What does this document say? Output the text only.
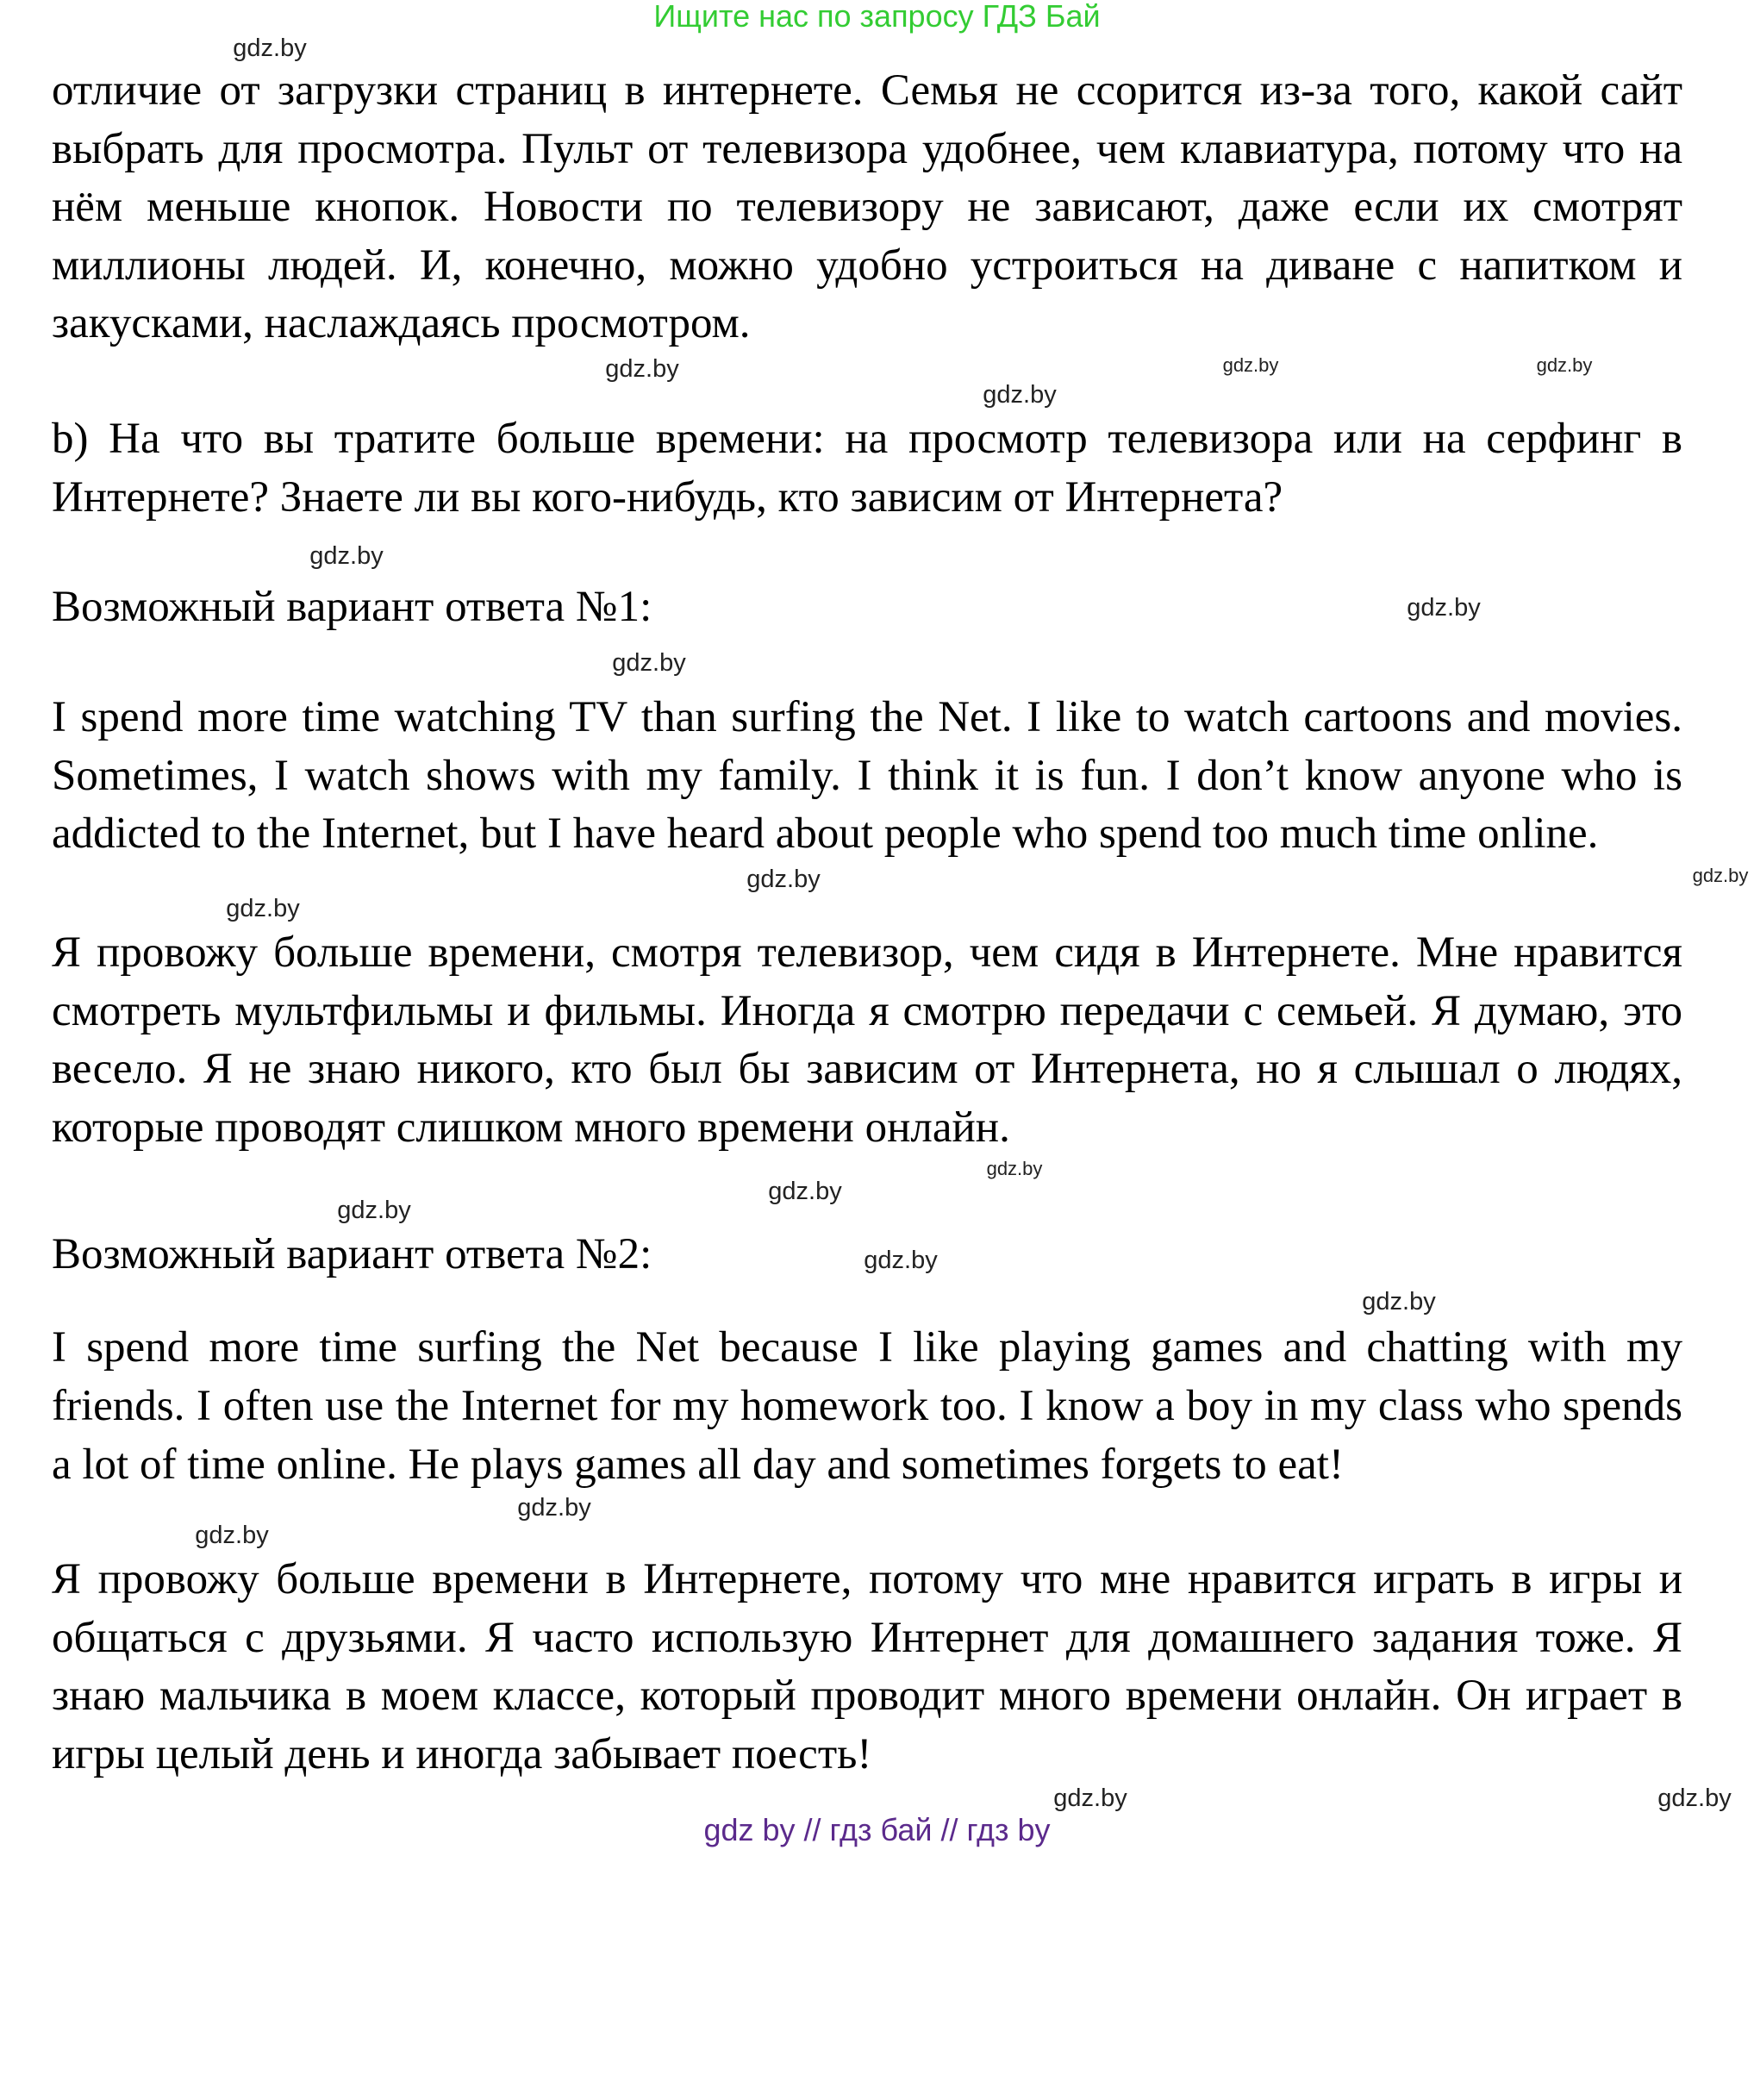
Ищите нас по запросу ГДЗ Бай
gdz.by

отличие от загрузки страниц в интернете. Семья не ссорится из-за того, какой сайт выбрать для просмотра. Пульт от телевизора удобнее, чем клавиатура, потому что на нём меньше кнопок. Новости по телевизору не зависают, даже если их смотрят миллионы людей. И, конечно, можно удобно устроиться на диване с напитком и закусками, наслаждаясь просмотром.

gdz.by	gdz.by
gdz.by
gdz.by

b) На что вы тратите больше времени: на просмотр телевизора или на серфинг в Интернете? Знаете ли вы кого-нибудь, кто зависим от Интернета?

gdz.by

Возможный вариант ответа №1:	gdz.by
gdz.by

I spend more time watching TV than surfing the Net. I like to watch cartoons and movies. Sometimes, I watch shows with my family. I think it is fun. I don’t know anyone who is addicted to the Internet, but I have heard about people who spend too much time online.

gdz.by
gdz.by
gdz.by

Я провожу больше времени, смотря телевизор, чем сидя в Интернете. Мне нравится смотреть мультфильмы и фильмы. Иногда я смотрю передачи с семьей. Я думаю, это весело. Я не знаю никого, кто был бы зависим от Интернета, но я слышал о людях, которые проводят слишком много времени онлайн.

gdz.by
gdz.by
gdz.by

Возможный вариант ответа №2:	gdz.by
gdz.by

I spend more time surfing the Net because I like playing games and chatting with my friends. I often use the Internet for my homework too. I know a boy in my class who spends a lot of time online. He plays games all day and sometimes forgets to eat!

gdz.by
gdz.by

Я провожу больше времени в Интернете, потому что мне нравится играть в игры и общаться с друзьями. Я часто использую Интернет для домашнего задания тоже. Я знаю мальчика в моем классе, который проводит много времени онлайн. Он играет в игры целый день и иногда забывает поесть!

gdz.by
gdz.by
gdz by // гдз бай // гдз by
